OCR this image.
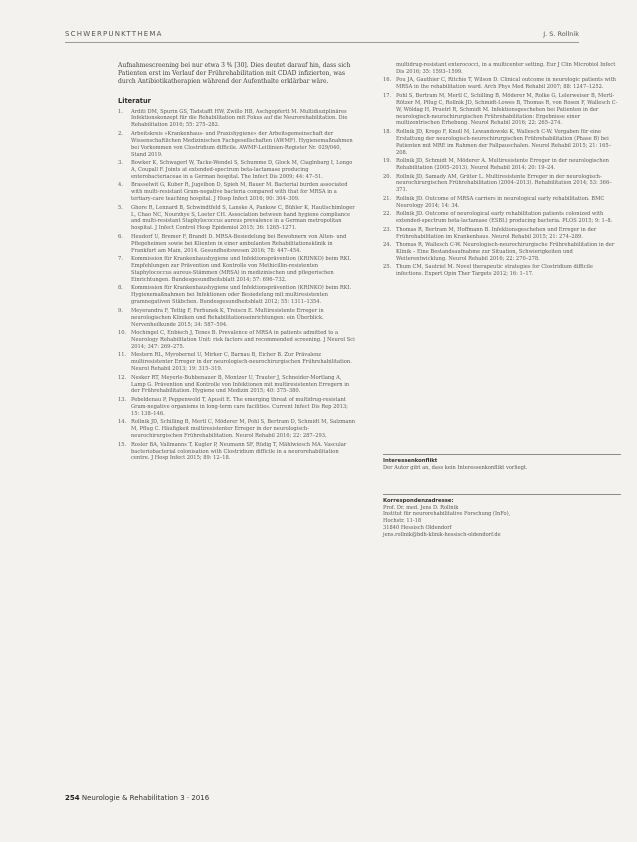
SCHWERPUNKTTHEMA	J. S. Rollnik

Aufnahmescreening bei nur etwa 3 % [30]. Dies deutet darauf hin, dass sich Patienten erst im Verlauf der Frührehabilitation mit CDAD infizierten, was durch Antibiotikatherapien während der Aufenthalte erklärbar wäre.

Literatur
1.	Arditi DM, Spurin GS, Tadstafft HW, Zwillo HB, Aschgopfertt M. Multidisziplinäres Infektionskonzept für die Rehabilitation mit Fokus auf die Neurorehabilitation. Die Rehabilitation 2016; 55: 275–282.
2.	Arbeitskreis »Krankenhaus- und Praxishygiene« der Arbeitsgemeinschaft der Wissenschaftlichen Medizinischen Fachgesellschaften (AWMF). Hygienemaßnahmen bei Vorkommen von Clostridium difficile. AWMF-Leitlinien-Register Nr. 029/040, Stand 2019.
3.	Bowker K, Schwagerl W, Tacke-Wendel S, Schumme D, Glock M, Ciaglnbarg I, Longo A, Coupall F. Joints at extended-spectrum beta-lactamase producing enterobacteriaceae in a German hospital. The Infect Dis 2009; 44: 47–51.
4.	Brasselwit G, Kuber R, Jugelbon D, Spieh M, Bauer M. Bacterial burden associated with multi-resistant Gram-negative bacteria compared with that for MRSA in a tertiary-care teaching hospital. J Hosp Infect 2016; 90: 304–309.
5.	Ghore R, Lennard B, Schwindtfeld S, Lanske A, Pankow C, Bühler K, Hautlschimloger L, Chao NC, Nourzhye S, Loeter CH. Association between hand hygiene compliance and multi-resistant Staphylococcus aureus prevalence in a German metropolitan hospital. J Infect Control Hosp Epidemiol 2015; 36: 1265–1271.
6.	Heudorf U, Bremer F, Brandt D. MRSA-Besiedelung bei Bewohnern von Alten- und Pflegeheimen sowie bei Klienten in einer ambulanten Rehabilitationsklinik in Frankfurt am Main, 2014. Gesundheitswesen 2016; 78: 447–454.
7.	Kommission für Krankenhaushygiene und Infektionsprävention (KRINKO) beim RKI. Empfehlungen zur Prävention und Kontrolle von Methicillin-resistenten Staphylococcus aureus-Stämmen (MRSA) in medizinischen und pflegerischen Einrichtungen. Bundesgesundheitsblatt 2014; 57: 696–732.
8.	Kommission für Krankenhaushygiene und Infektionsprävention (KRINKO) beim RKI. Hygienemaßnahmen bei Infektionen oder Besiedelung mit multiresistenten gramnegativen Stäbchen. Bundesgesundheitsblatt 2012; 55: 1311–1354.
9.	Meyerandra F, Tettig F, Ferhunek K, Treiscn E. Multiresistente Erreger in neurologischen Kliniken und Rehabilitationseinrichtungen: ein Überblick. Nervenheilkunde 2015; 34: 587–594.
10. Mochingel C, Enbiech J, Tenes B. Prevalence of MRSA in patients admitted to a Neurology Rehabilitation Unit: risk factors and recommended screening. J Neurol Sci 2014; 347: 269–275.
11. Mestern RL, Myrobernel U, Mirker C, Barnau B, Eicher B. Zur Prävalenz multiresistenter Erreger in der neurologisch-neurochirurgischen Frührehabilitation. Neurol Rehabil 2013; 19: 315–319.
12. Nesker RT, Meyerle-Buhbenauer B, Montzer U, Trauter J, Schneider-Mortlang A, Lamp G. Prävention und Kontrolle von Infektionen mit multiresistenten Erregern in der Frührehabilitation. Hygiene und Medizin 2015; 40: 375–380.
13. Pebeldenau P, Peppenwold T, Apusit E. The emerging threat of multidrug-resistant Gram-negative organisms in long-term care facilities. Current Infect Dis Rep 2013; 15: 138–146.
14. Rollnik JD, Schilling B, Mertl C, Möderer M, Pohl S, Bertram D, Schmidt M, Salzmann M, Pflug C. Häufigkeit multiresistenter Erreger in der neurologisch-neurochirurgischen Frührehabilitation. Neurol Rehabil 2016; 22: 287–293.
15. Rosler BA, Vallmanns T, Kugler P, Neumann SF, Rüdig T, Mählwiesch MA. Vascular bacteriobacterial colonisation with Clostridium difficile in a neurorehabilitation centre. J Hosp Infect 2015; 89: 12–18.
multidrug-resistant enterococci, in a multicenter setting. Eur J Clin Microbiol Infect Dis 2016; 35: 1593–1599.
16. Pou JA, Gauthier C, Ritchie T, Wilson D. Clinical outcome in neurologic patients with MRSA in the rehabilitation ward. Arch Phys Med Rehabil 2007; 88: 1247–1252.
17. Pohl S, Bertram M, Mertl C, Schilling B, Möderer M, Rolke G, Lelerweiser B, Mertl-Rötzer M, Pflug C, Rollnik JD, Schmidt-Lowes B, Thomas R, von Rosen F, Wallesch C-W, Wöldag H, Pruetrl R, Schmidt M. Infektionsgeschehen bei Patienten in der neurologisch-neurochirurgischen Frührehabilitation: Ergebnisse einer multizentrischen Erhebung. Neurol Rehabil 2016; 22: 265–274.
18. Rollnik JD, Krogo F, Knoll M, Lewandowski K, Wallesch C-W. Vorgaben für eine Erstattung der neurologisch-neurochirurgischen Frührehabilitation (Phase B) bei Patienten mit MRE im Rahmen der Fallpauschalen. Neurol Rehabil 2015; 21: 165–208.
19. Rollnik JD, Schmidt M, Möderer A. Multiresistente Erreger in der neurologischen Rehabilitation (2005–2013). Neurol Rehabil 2014; 20: 19–24.
20. Rollnik JD, Samady AM, Grüter L. Multiresistente Erreger in der neurologisch-neurochirurgischen Frührehabilitation (2004–2013). Rehabilitation 2014; 53: 366–371.
21. Rollnik JD. Outcome of MRSA carriers in neurological early rehabilitation. BMC Neurology 2014; 14: 34.
22. Rollnik JD. Outcome of neurological early rehabilitation patients colonized with extended-spectrum beta-lactamase (ESBL) producing bacteria. PLOS 2015; 9: 1–8.
23. Thomas R, Bertram M, Hoffmann B. Infektionsgeschehen und Erreger in der Frührehabilitation im Krankenhaus. Neurol Rehabil 2015; 21: 274–289.
24. Thomas R, Wallesch C-W. Neurologisch-neurochirurgische Frührehabilitation in der Klinik – Eine Bestandsaufnahme zur Situation, Schwierigkeiten und Weiterentwicklung. Neurol Rehabil 2016; 22: 270–278.
25. Thum CM, Sautriel M. Novel therapeutic strategies for Clostridium difficile infections. Expert Opin Ther Targets 2012; 16: 1–17.
Interessenkonflikt
Der Autor gibt an, dass kein Interessenkonflikt vorliegt.
Korrespondenzadresse:
Prof. Dr. med. Jens D. Rollnik
Institut für neurorehabilitative Forschung (InFo),
Hochstr. 11-18
31840 Hessisch Oldendorf
jens.rollnik@bdh-klinik-hessisch-oldendorf.de
254 Neurologie & Rehabilitation 3 · 2016
